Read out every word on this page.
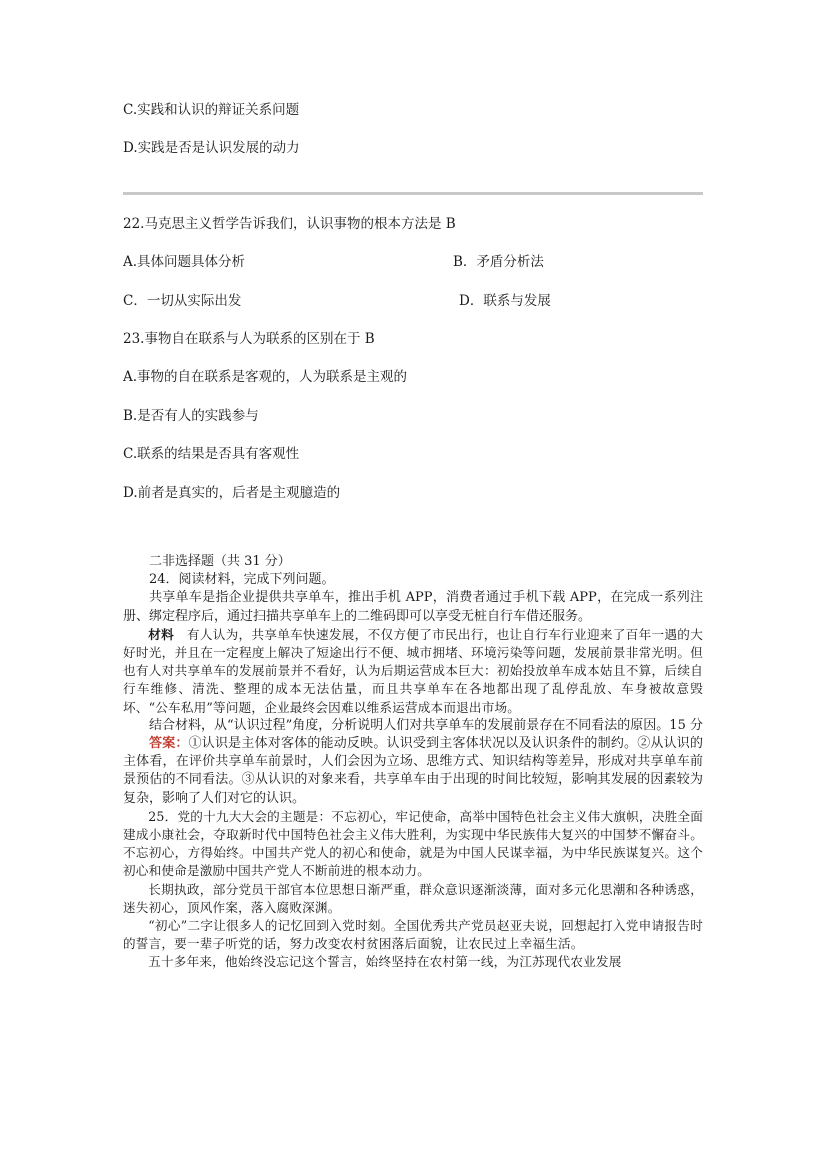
C.实践和认识的辩证关系问题
D.实践是否是认识发展的动力
22.马克思主义哲学告诉我们，认识事物的根本方法是 B
A.具体问题具体分析	B．矛盾分析法
C．一切从实际出发	D．联系与发展
23.事物自在联系与人为联系的区别在于 B
A.事物的自在联系是客观的，人为联系是主观的
B.是否有人的实践参与
C.联系的结果是否具有客观性
D.前者是真实的，后者是主观臆造的

二非选择题（共 31 分）

24．阅读材料，完成下列问题。

共享单车是指企业提供共享单车，推出手机 APP，消费者通过手机下载 APP，在完成一系列注册、绑定程序后，通过扫描共享单车上的二维码即可以享受无桩自行车借还服务。

材料  有人认为，共享单车快速发展，不仅方便了市民出行，也让自行车行业迎来了百年一遇的大好时光，并且在一定程度上解决了短途出行不便、城市拥堵、环境污染等问题，发展前景非常光明。但也有人对共享单车的发展前景并不看好，认为后期运营成本巨大：初始投放单车成本姑且不算，后续自行车维修、清洗、整理的成本无法估量，而且共享单车在各地都出现了乱停乱放、车身被故意毁坏、“公车私用”等问题，企业最终会因难以维系运营成本而退出市场。

结合材料，从“认识过程”角度，分析说明人们对共享单车的发展前景存在不同看法的原因。15 分

答案：①认识是主体对客体的能动反映。认识受到主客体状况以及认识条件的制约。②从认识的主体看，在评价共享单车前景时，人们会因为立场、思维方式、知识结构等差异，形成对共享单车前景预估的不同看法。③从认识的对象来看，共享单车由于出现的时间比较短，影响其发展的因素较为复杂，影响了人们对它的认识。

25．党的十九大大会的主题是：不忘初心，牢记使命，高举中国特色社会主义伟大旗帜，决胜全面建成小康社会，夺取新时代中国特色社会主义伟大胜利，为实现中华民族伟大复兴的中国梦不懈奋斗。不忘初心，方得始终。中国共产党人的初心和使命，就是为中国人民谋幸福，为中华民族谋复兴。这个初心和使命是激励中国共产党人不断前进的根本动力。

长期执政，部分党员干部官本位思想日渐严重，群众意识逐渐淡薄，面对多元化思潮和各种诱惑，迷失初心，顶风作案，落入腐败深渊。

“初心”二字让很多人的记忆回到入党时刻。全国优秀共产党员赵亚夫说，回想起打入党申请报告时的誓言，要一辈子听党的话，努力改变农村贫困落后面貌，让农民过上幸福生活。

五十多年来，他始终没忘记这个誓言，始终坚持在农村第一线，为江苏现代农业发展
